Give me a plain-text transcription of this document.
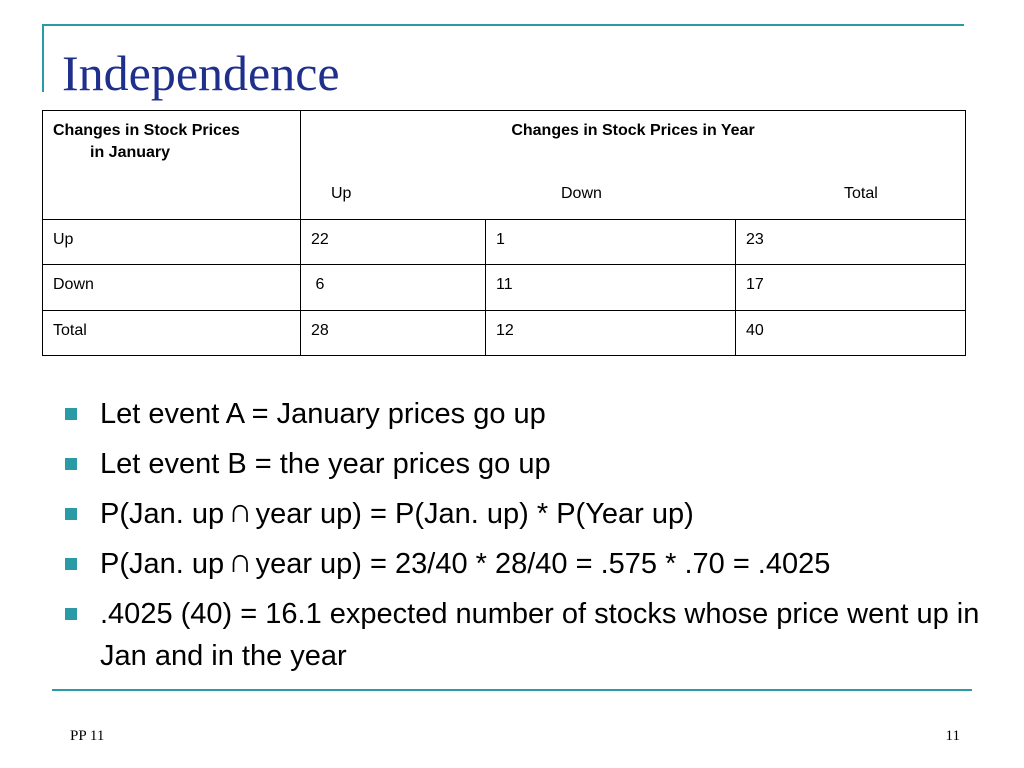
Independence
Changes in Stock Prices
in January	Changes in Stock Prices in Year
Up Down Total		

Up	22	1	23
Down	6	11	17
Total	28	12	40
Let event A = January prices go up
Let event B = the year prices go up
P(Jan. up ∩ year up) = P(Jan. up) * P(Year up)
P(Jan. up ∩ year up) = 23/40 * 28/40 = .575 * .70 = .4025
.4025 (40) = 16.1 expected number of stocks whose price went up in Jan and in the year
PP 11	11
